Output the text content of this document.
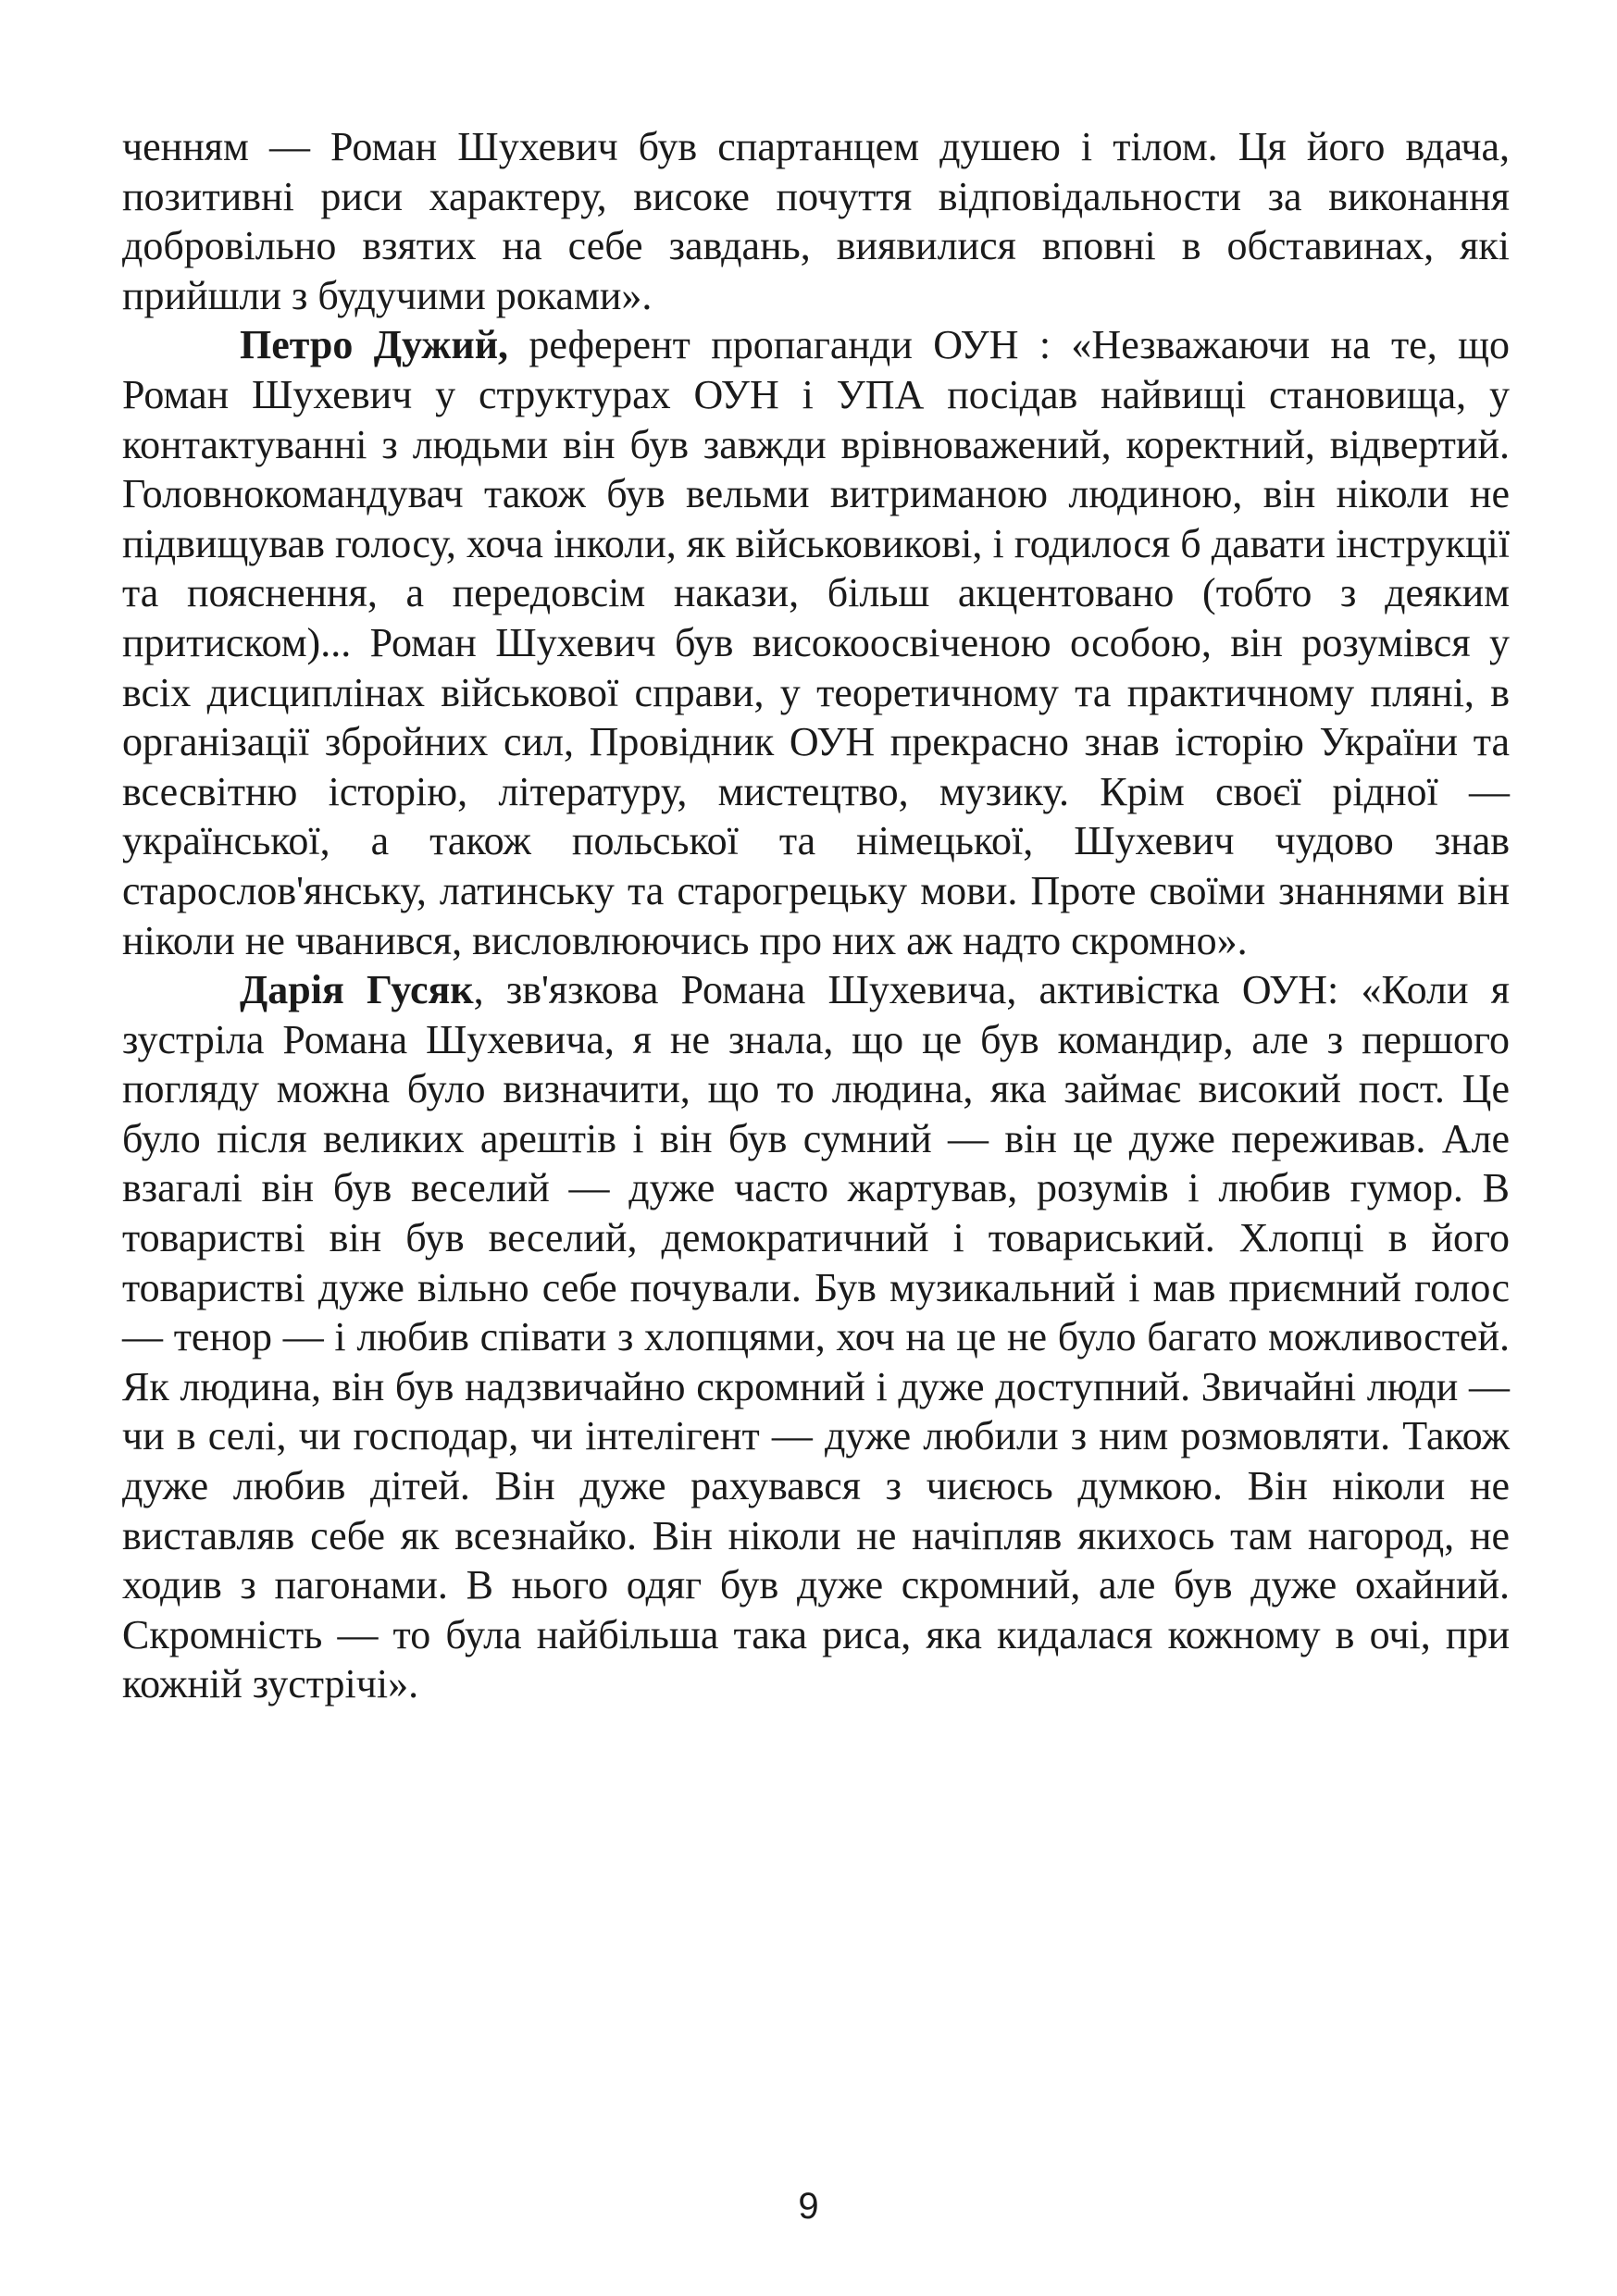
ченням — Роман Шухевич був спартанцем душею і тілом. Ця його вдача, позитивні риси характеру, високе почуття відповідальности за виконання добровільно взятих на себе завдань, виявилися вповні в обставинах, які прийшли з будучими роками».

Петро Дужий, референт пропаганди ОУН : «Незважаючи на те, що Роман Шухевич у структурах ОУН і УПА посідав найвищі становища, у контактуванні з людьми він був завжди врівноважений, коректний, відвертий. Головнокомандувач також був вельми витриманою людиною, він ніколи не підвищував голосу, хоча інколи, як військовикові, і годилося б давати інструкції та пояснення, а передовсім накази, більш акцентовано (тобто з деяким притиском)... Роман Шухевич був високоосвіченою особою, він розумівся у всіх дисциплінах військової справи, у теоретичному та практичному пляні, в організації збройних сил, Провідник ОУН прекрасно знав історію України та всесвітню історію, літературу, мистецтво, музику. Крім своєї рідної — української, а також польської та німецької, Шухевич чудово знав старослов'янську, латинську та старогрецьку мови. Проте своїми знаннями він ніколи не чванився, висловлюючись про них аж надто скромно».

Дарія Гусяк, зв'язкова Романа Шухевича, активістка ОУН: «Коли я зустріла Романа Шухевича, я не знала, що це був командир, але з першого погляду можна було визначити, що то людина, яка займає високий пост. Це було після великих арештів і він був сумний — він це дуже переживав. Але взагалі він був веселий — дуже часто жартував, розумів і любив гумор. В товаристві він був веселий, демократичний і товариський. Хлопці в його товаристві дуже вільно себе почували. Був музикальний і мав приємний голос — тенор — і любив співати з хлопцями, хоч на це не було багато можливостей. Як людина, він був надзвичайно скромний і дуже доступний. Звичайні люди — чи в селі, чи господар, чи інтелігент — дуже любили з ним розмовляти. Також дуже любив дітей. Він дуже рахувався з чиєюсь думкою. Він ніколи не виставляв себе як всезнайко. Він ніколи не начіпляв якихось там нагород, не ходив з пагонами. В нього одяг був дуже скромний, але був дуже охайний. Скромність — то була найбільша така риса, яка кидалася кожному в очі, при кожній зустрічі».

9
